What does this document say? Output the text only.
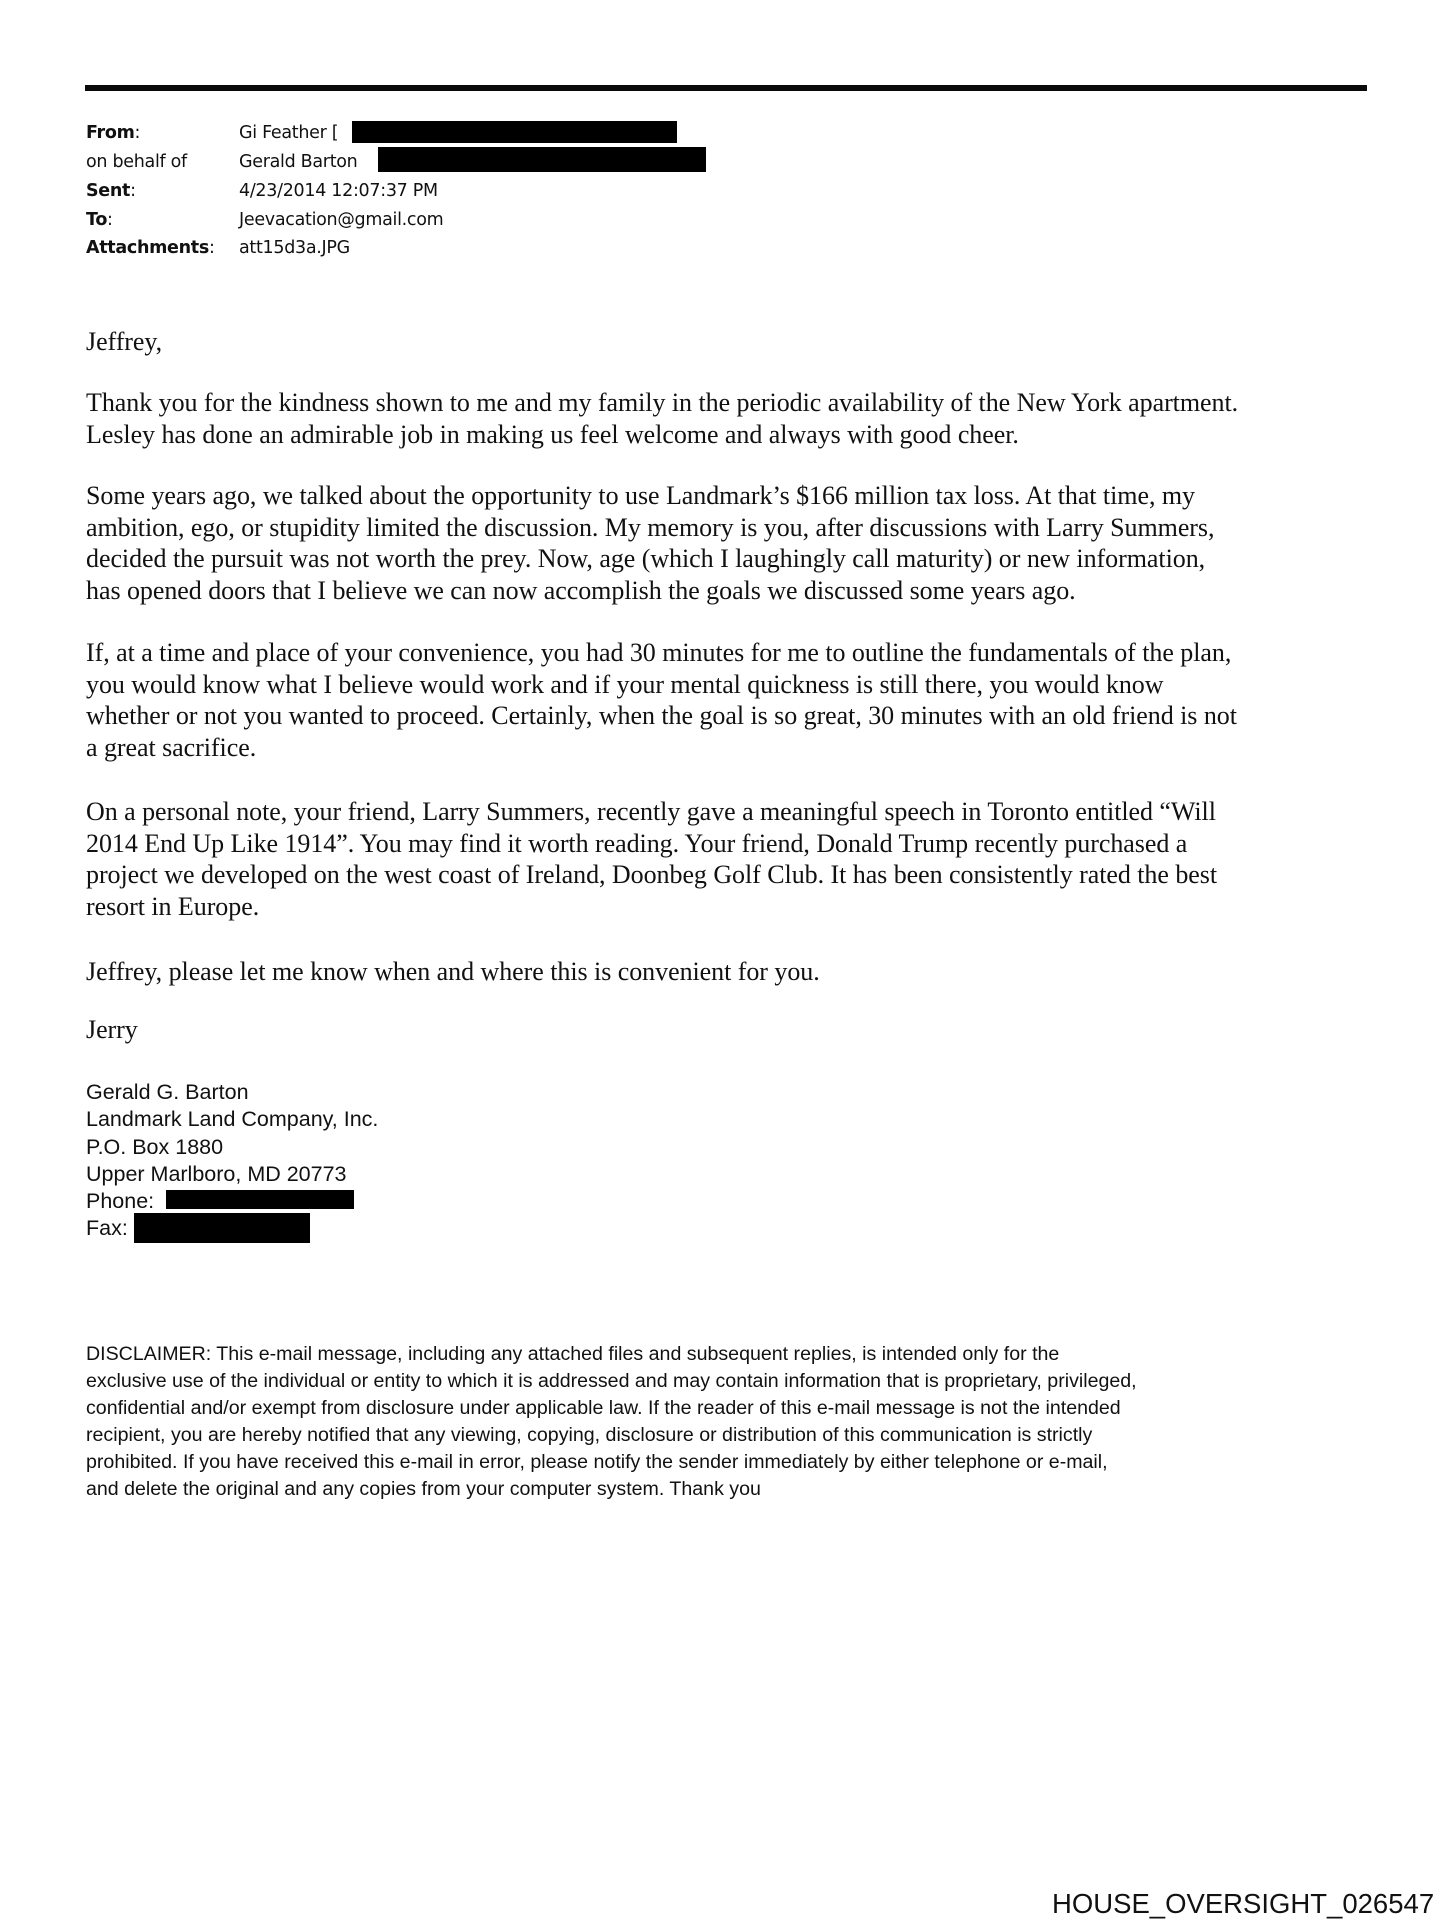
From:	Gi Feather [
on behalf of	Gerald Barton
Sent:	4/23/2014 12:07:37 PM
To:	Jeevacation@gmail.com
Attachments: att15d3a.JPG
Jeffrey,
Thank you for the kindness shown to me and my family in the periodic availability of the New York apartment.
Lesley has done an admirable job in making us feel welcome and always with good cheer.
Some years ago, we talked about the opportunity to use Landmark’s $166 million tax loss. At that time, my
ambition, ego, or stupidity limited the discussion. My memory is you, after discussions with Larry Summers,
decided the pursuit was not worth the prey. Now, age (which I laughingly call maturity) or new information,
has opened doors that I believe we can now accomplish the goals we discussed some years ago.
If, at a time and place of your convenience, you had 30 minutes for me to outline the fundamentals of the plan,
you would know what I believe would work and if your mental quickness is still there, you would know
whether or not you wanted to proceed. Certainly, when the goal is so great, 30 minutes with an old friend is not
a great sacrifice.
On a personal note, your friend, Larry Summers, recently gave a meaningful speech in Toronto entitled “Will
2014 End Up Like 1914”. You may find it worth reading. Your friend, Donald Trump recently purchased a
project we developed on the west coast of Ireland, Doonbeg Golf Club. It has been consistently rated the best
resort in Europe.
Jeffrey, please let me know when and where this is convenient for you.
Jerry
Gerald G. Barton
Landmark Land Company, Inc.
P.O. Box 1880
Upper Marlboro, MD 20773
Phone:
Fax:
DISCLAIMER: This e-mail message, including any attached files and subsequent replies, is intended only for the
exclusive use of the individual or entity to which it is addressed and may contain information that is proprietary, privileged,
confidential and/or exempt from disclosure under applicable law. If the reader of this e-mail message is not the intended
recipient, you are hereby notified that any viewing, copying, disclosure or distribution of this communication is strictly
prohibited. If you have received this e-mail in error, please notify the sender immediately by either telephone or e-mail,
and delete the original and any copies from your computer system. Thank you
HOUSE_OVERSIGHT_026547
